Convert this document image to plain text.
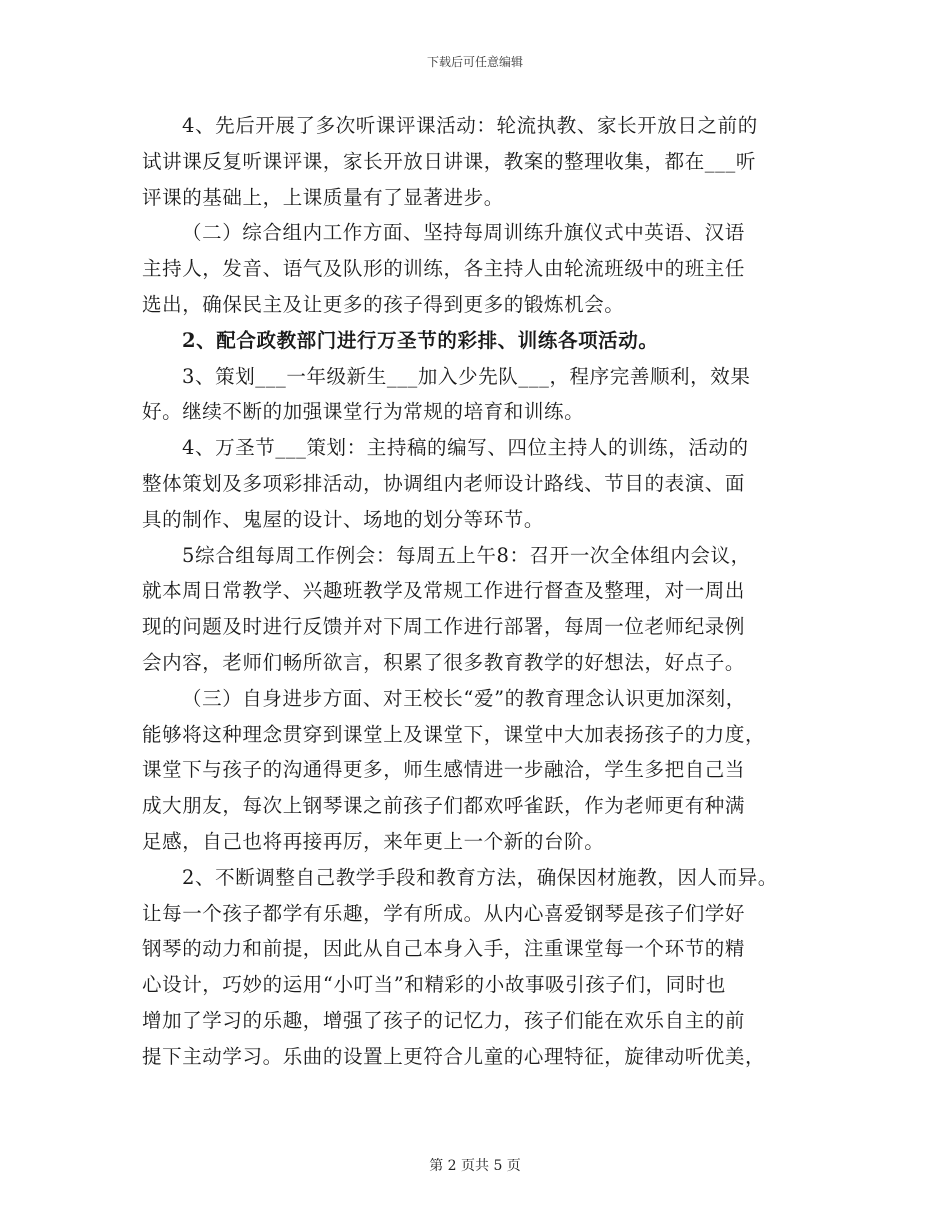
下载后可任意编辑

4、先后开展了多次听课评课活动：轮流执教、家长开放日之前的
试讲课反复听课评课，家长开放日讲课，教案的整理收集，都在___听
评课的基础上，上课质量有了显著进步。

（二）综合组内工作方面、坚持每周训练升旗仪式中英语、汉语
主持人，发音、语气及队形的训练，各主持人由轮流班级中的班主任
选出，确保民主及让更多的孩子得到更多的锻炼机会。

2、配合政教部门进行万圣节的彩排、训练各项活动。

3、策划___一年级新生___加入少先队___，程序完善顺利，效果
好。继续不断的加强课堂行为常规的培育和训练。

4、万圣节___策划：主持稿的编写、四位主持人的训练，活动的
整体策划及多项彩排活动，协调组内老师设计路线、节目的表演、面
具的制作、鬼屋的设计、场地的划分等环节。

5综合组每周工作例会：每周五上午8：召开一次全体组内会议，
就本周日常教学、兴趣班教学及常规工作进行督查及整理，对一周出
现的问题及时进行反馈并对下周工作进行部署，每周一位老师纪录例
会内容，老师们畅所欲言，积累了很多教育教学的好想法，好点子。

（三）自身进步方面、对王校长“爱”的教育理念认识更加深刻，
能够将这种理念贯穿到课堂上及课堂下，课堂中大加表扬孩子的力度，
课堂下与孩子的沟通得更多，师生感情进一步融洽，学生多把自己当
成大朋友，每次上钢琴课之前孩子们都欢呼雀跃，作为老师更有种满
足感，自己也将再接再厉，来年更上一个新的台阶。

2、不断调整自己教学手段和教育方法，确保因材施教，因人而异。
让每一个孩子都学有乐趣，学有所成。从内心喜爱钢琴是孩子们学好
钢琴的动力和前提，因此从自己本身入手，注重课堂每一个环节的精
心设计，巧妙的运用“小叮当”和精彩的小故事吸引孩子们，同时也
增加了学习的乐趣，增强了孩子的记忆力，孩子们能在欢乐自主的前
提下主动学习。乐曲的设置上更符合儿童的心理特征，旋律动听优美，

第 2 页共 5 页
